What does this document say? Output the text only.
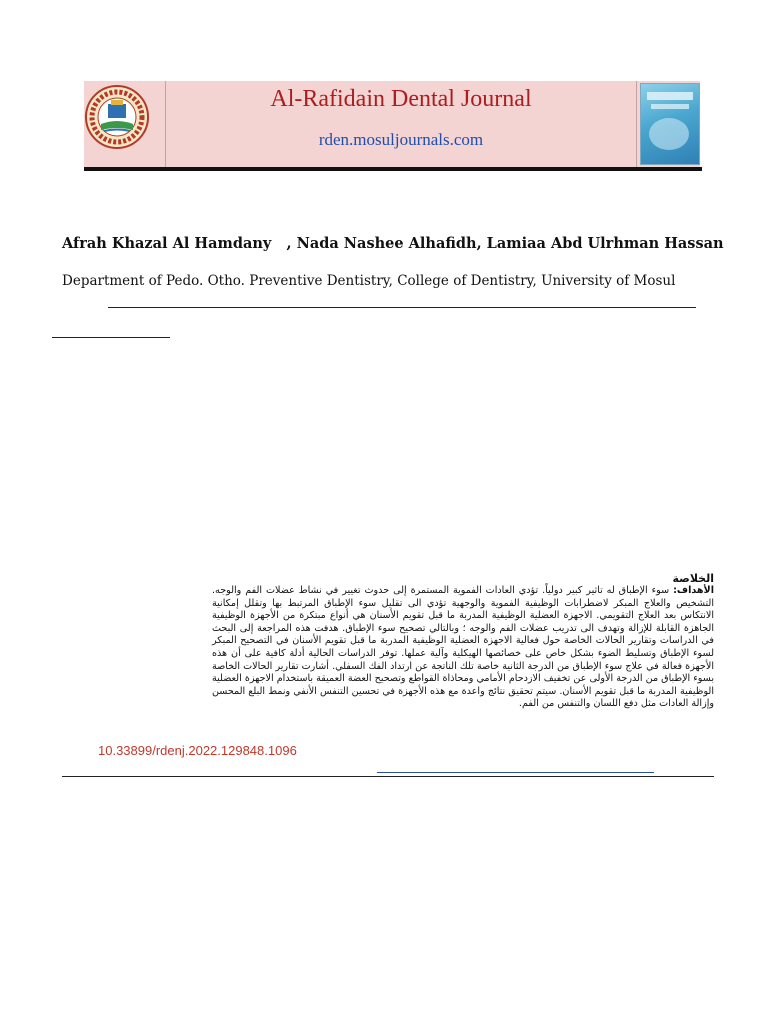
Al-Rafidain Dental Journal
rden.mosuljournals.com
Afrah Khazal Al Hamdany   , Nada Nashee Alhafidh, Lamiaa Abd Ulrhman Hassan
Department of Pedo. Otho. Preventive Dentistry, College of Dentistry, University of Mosul
الخلاصة
الأهداف: سوء الإطباق له تاثير كبير دولياً. تؤدي العادات الفموية المستمرة إلى حدوث تغيير في نشاط عضلات الفم والوجه. التشخيص والعلاج المبكر لاضطرابات الوظيفية الفموية والوجهية تؤدي الى تقليل سوء الإطباق المرتبط بها وتقلل إمكانية الانتكاس بعد العلاج التقويمي. الاجهزة العضلية الوظيفية المدربة ما قبل تقويم الأسنان هي أنواع مبتكرة من الأجهزة الوظيفية الجاهزة القابلة للإزالة وتهدف الى تدريب عضلات الفم والوجه ؛ وبالتالي تصحيح سوء الإطباق. هدفت هذه المراجعة إلى البحث في الدراسات وتقارير الحالات الخاصة حول فعالية الاجهزة العضلية الوظيفية المدربة ما قبل تقويم الأسنان في التصحيح المبكر لسوء الإطباق وتسليط الضوء بشكل خاص على خصائصها الهيكلية وآلية عملها. توفر الدراسات الحالية أدلة كافية على أن هذه الأجهزة فعالة في علاج سوء الإطباق من الدرجة الثانية خاصة تلك الناتجة عن ارتداد الفك السفلي. أشارت تقارير الحالات الخاصة بسوء الإطباق من الدرجة الأولى عن تخفيف الازدحام الأمامي ومحاذاة القواطع وتصحيح العضة العميقة باستخدام الاجهزة العضلية الوظيفية المدربة ما قبل تقويم الأسنان. سيتم تحقيق نتائج واعدة مع هذه الأجهزة في تحسين التنفس الأنفي ونمط البلع المحسن وإزالة العادات مثل دفع اللسان والتنفس من الفم.
10.33899/rdenj.2022.129848.1096
